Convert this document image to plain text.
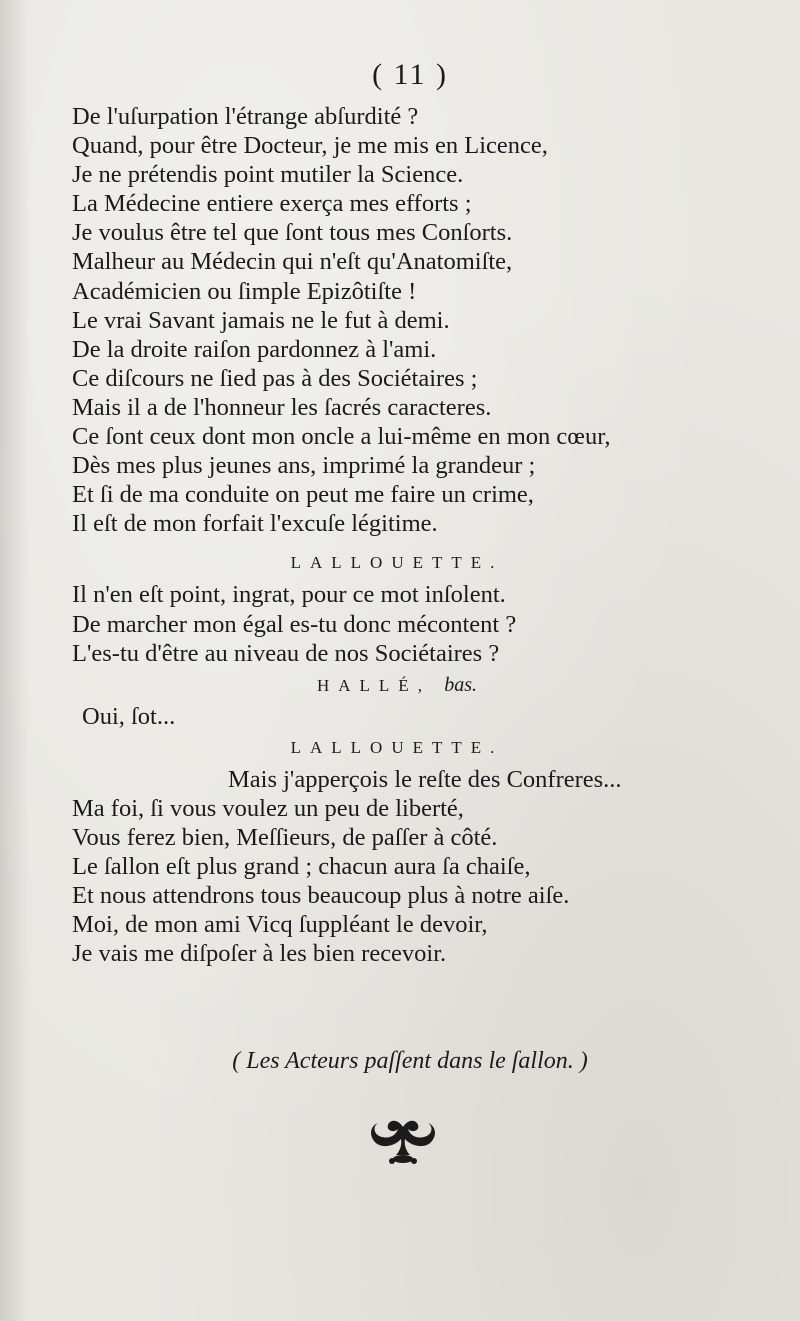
( 11 )
De l'uſurpation l'étrange abſurdité ?
Quand, pour être Docteur, je me mis en Licence,
Je ne prétendis point mutiler la Science.
La Médecine entiere exerça mes efforts ;
Je voulus être tel que ſont tous mes Conſorts.
Malheur au Médecin qui n'eſt qu'Anatomiſte,
Académicien ou ſimple Epizôtiſte !
Le vrai Savant jamais ne le fut à demi.
De la droite raiſon pardonnez à l'ami.
Ce diſcours ne ſied pas à des Sociétaires ;
Mais il a de l'honneur les ſacrés caracteres.
Ce ſont ceux dont mon oncle a lui-même en mon cœur,
Dès mes plus jeunes ans, imprimé la grandeur ;
Et ſi de ma conduite on peut me faire un crime,
Il eſt de mon forfait l'excuſe légitime.
LALLOUETTE.
Il n'en eſt point, ingrat, pour ce mot inſolent.
De marcher mon égal es-tu donc mécontent ?
L'es-tu d'être au niveau de nos Sociétaires ?
HALLÉ, bas.
Oui, ſot...
LALLOUETTE.
Mais j'apperçois le reſte des Confreres...
Ma foi, ſi vous voulez un peu de liberté,
Vous ferez bien, Meſſieurs, de paſſer à côté.
Le ſallon eſt plus grand ; chacun aura ſa chaiſe,
Et nous attendrons tous beaucoup plus à notre aiſe.
Moi, de mon ami Vicq ſuppléant le devoir,
Je vais me diſpoſer à les bien recevoir.
( Les Acteurs paſſent dans le ſallon. )
